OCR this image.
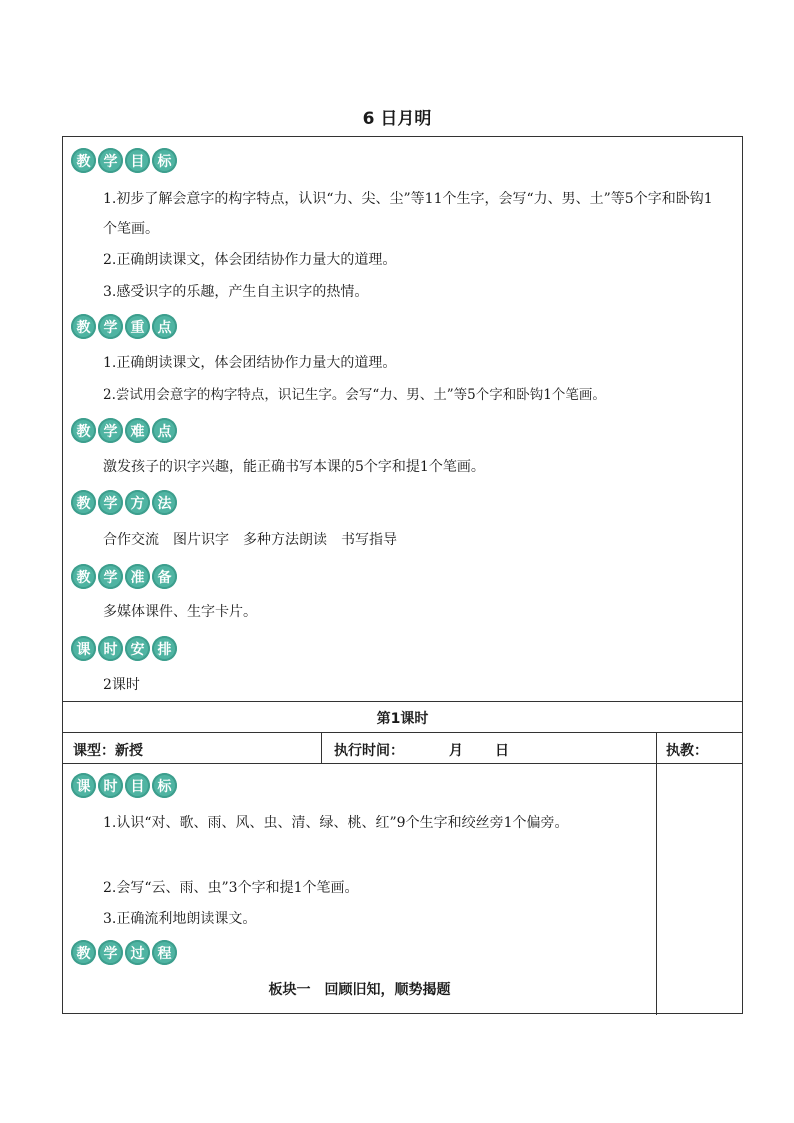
6 日月明
教 学 目 标
1.初步了解会意字的构字特点，认识“力、尖、尘”等11个生字，会写“力、男、土”等5个字和卧钩1个笔画。
2.正确朗读课文，体会团结协作力量大的道理。
3.感受识字的乐趣，产生自主识字的热情。
教 学 重 点
1.正确朗读课文，体会团结协作力量大的道理。
2.尝试用会意字的构字特点，识记生字。会写“力、男、土”等5个字和卧钩1个笔画。
教 学 难 点
激发孩子的识字兴趣，能正确书写本课的5个字和提1个笔画。
教 学 方 法
合作交流　图片识字　多种方法朗读　书写指导
教 学 准 备
多媒体课件、生字卡片。
课 时 安 排
2课时
第1课时
课型：新授	执行时间：	月 日	执教：
课 时 目 标
1.认识“对、歌、雨、风、虫、清、绿、桃、红”9个生字和绞丝旁1个偏旁。
2.会写“云、雨、虫”3个字和提1个笔画。
3.正确流利地朗读课文。
教 学 过 程
板块一　回顾旧知，顺势揭题
